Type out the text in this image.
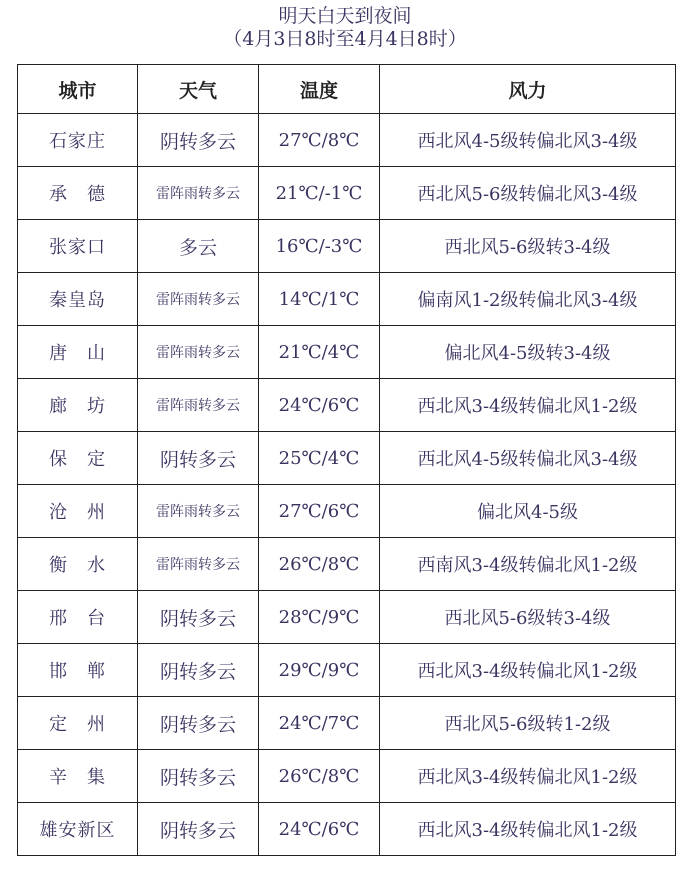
明天白天到夜间
（4月3日8时至4月4日8时）
城市	天气	温度	风力
石家庄	阴转多云	27℃/8℃	西北风4-5级转偏北风3-4级
承　德	雷阵雨转多云	21℃/-1℃	西北风5-6级转偏北风3-4级
张家口	多云	16℃/-3℃	西北风5-6级转3-4级
秦皇岛	雷阵雨转多云	14℃/1℃	偏南风1-2级转偏北风3-4级
唐　山	雷阵雨转多云	21℃/4℃	偏北风4-5级转3-4级
廊　坊	雷阵雨转多云	24℃/6℃	西北风3-4级转偏北风1-2级
保　定	阴转多云	25℃/4℃	西北风4-5级转偏北风3-4级
沧　州	雷阵雨转多云	27℃/6℃	偏北风4-5级
衡　水	雷阵雨转多云	26℃/8℃	西南风3-4级转偏北风1-2级
邢　台	阴转多云	28℃/9℃	西北风5-6级转3-4级
邯　郸	阴转多云	29℃/9℃	西北风3-4级转偏北风1-2级
定　州	阴转多云	24℃/7℃	西北风5-6级转1-2级
辛　集	阴转多云	26℃/8℃	西北风3-4级转偏北风1-2级
雄安新区	阴转多云	24℃/6℃	西北风3-4级转偏北风1-2级
